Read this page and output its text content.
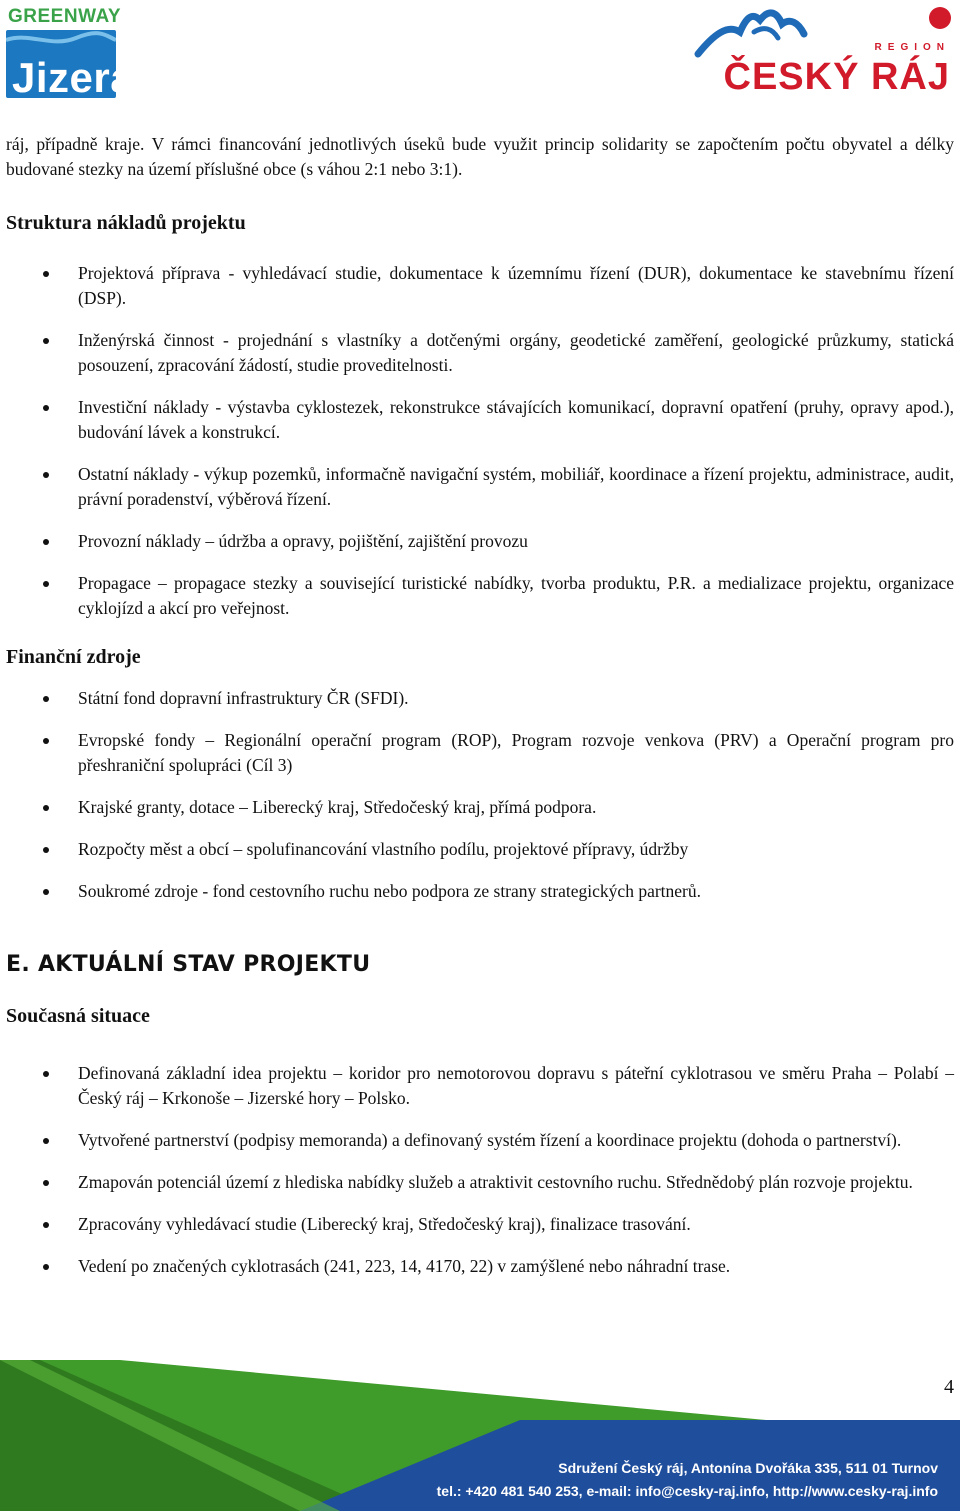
GREENWAY
Jizera
REGION
ČESKÝ RÁJ

ráj, případně kraje. V rámci financování jednotlivých úseků bude využit princip solidarity se započtením počtu obyvatel a délky budované stezky na území příslušné obce (s váhou 2:1 nebo 3:1).

Struktura nákladů projektu
Projektová příprava - vyhledávací studie, dokumentace k územnímu řízení (DUR), dokumentace ke stavebnímu řízení (DSP).
Inženýrská činnost - projednání s vlastníky a dotčenými orgány, geodetické zaměření, geologické průzkumy, statická posouzení, zpracování žádostí, studie proveditelnosti.
Investiční náklady - výstavba cyklostezek, rekonstrukce stávajících komunikací, dopravní opatření (pruhy, opravy apod.), budování lávek a konstrukcí.
Ostatní náklady - výkup pozemků, informačně navigační systém, mobiliář, koordinace a řízení projektu, administrace, audit, právní poradenství, výběrová řízení.
Provozní náklady – údržba a opravy, pojištění, zajištění provozu
Propagace – propagace stezky a související turistické nabídky, tvorba produktu, P.R. a medializace projektu, organizace cyklojízd a akcí pro veřejnost.
Finanční zdroje
Státní fond dopravní infrastruktury ČR (SFDI).
Evropské fondy – Regionální operační program (ROP), Program rozvoje venkova (PRV) a Operační program pro přeshraniční spolupráci (Cíl 3)
Krajské granty, dotace – Liberecký kraj, Středočeský kraj, přímá podpora.
Rozpočty měst a obcí – spolufinancování vlastního podílu, projektové přípravy, údržby
Soukromé zdroje - fond cestovního ruchu nebo podpora ze strany strategických partnerů.
E. AKTUÁLNÍ STAV PROJEKTU
Současná situace
Definovaná základní idea projektu – koridor pro nemotorovou dopravu s páteřní cyklotrasou ve směru Praha – Polabí – Český ráj – Krkonoše – Jizerské hory – Polsko.
Vytvořené partnerství (podpisy memoranda) a definovaný systém řízení a koordinace projektu (dohoda o partnerství).
Zmapován potenciál území z hlediska nabídky služeb a atraktivit cestovního ruchu. Střednědobý plán rozvoje projektu.
Zpracovány vyhledávací studie (Liberecký kraj, Středočeský kraj), finalizace trasování.
Vedení po značených cyklotrasách (241, 223, 14, 4170, 22) v zamýšlené nebo náhradní trase.
4
Sdružení Český ráj, Antonína Dvořáka 335, 511 01 Turnov
tel.: +420 481 540 253, e-mail: info@cesky-raj.info, http://www.cesky-raj.info
